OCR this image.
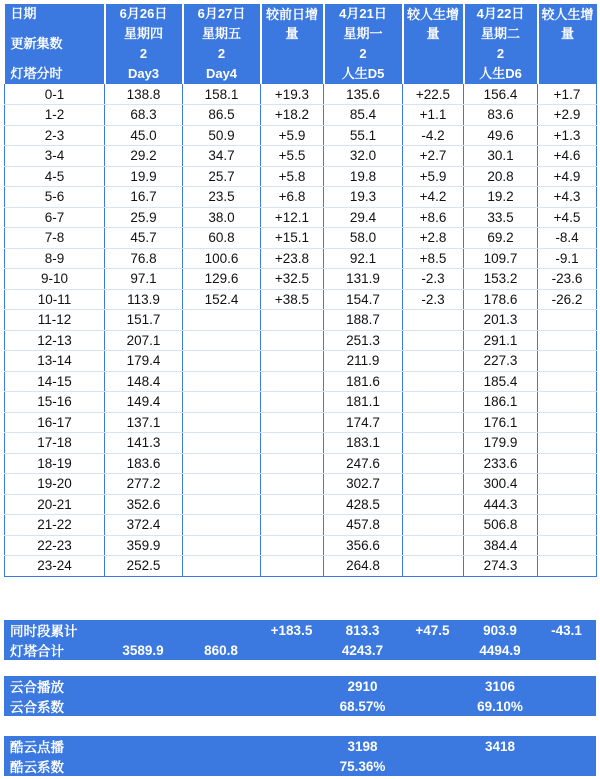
日期	6月26日	6月27日	较前日增量	4月21日	较人生增量	4月22日	较人生增量
更新集数	星期四	星期五		星期一		星期二	
	2	2		2		2	
灯塔分时	Day3	Day4		人生D5		人生D6	
0-1	138.8	158.1	+19.3	135.6	+22.5	156.4	+1.7
1-2	68.3	86.5	+18.2	85.4	+1.1	83.6	+2.9
2-3	45.0	50.9	+5.9	55.1	-4.2	49.6	+1.3
3-4	29.2	34.7	+5.5	32.0	+2.7	30.1	+4.6
4-5	19.9	25.7	+5.8	19.8	+5.9	20.8	+4.9
5-6	16.7	23.5	+6.8	19.3	+4.2	19.2	+4.3
6-7	25.9	38.0	+12.1	29.4	+8.6	33.5	+4.5
7-8	45.7	60.8	+15.1	58.0	+2.8	69.2	-8.4
8-9	76.8	100.6	+23.8	92.1	+8.5	109.7	-9.1
9-10	97.1	129.6	+32.5	131.9	-2.3	153.2	-23.6
10-11	113.9	152.4	+38.5	154.7	-2.3	178.6	-26.2
11-12	151.7			188.7		201.3	
12-13	207.1			251.3		291.1	
13-14	179.4			211.9		227.3	
14-15	148.4			181.6		185.4	
15-16	149.4			181.1		186.1	
16-17	137.1			174.7		176.1	
17-18	141.3			183.1		179.9	
18-19	183.6			247.6		233.6	
19-20	277.2			302.7		300.4	
20-21	352.6			428.5		444.3	
21-22	372.4			457.8		506.8	
22-23	359.9			356.6		384.4	
23-24	252.5			264.8		274.3	
同时段累计			+183.5	813.3	+47.5	903.9	-43.1
灯塔合计	3589.9	860.8		4243.7		4494.9	
云合播放				2910		3106	
云合系数				68.57%		69.10%	
酷云点播				3198		3418	
酷云系数				75.36%			
